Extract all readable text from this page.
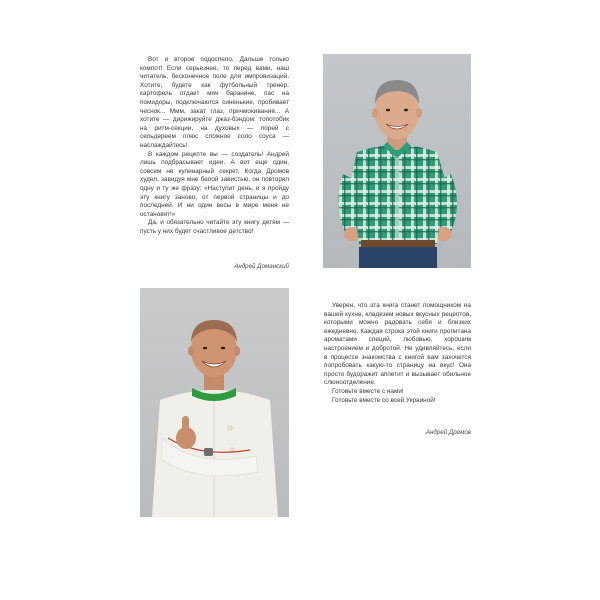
Вот и второе подоспело. Дальше только компот! Если серьезнее, то перед вами, наш читатель, бесконечное поле для импровизаций. Хотите, будете как футбольный тренер: картофель отдает мяч баранине, пас на помидоры, подключаются синенькие, пробивает чеснок... Ммм, закат глаз, причмокивание... А хотите — дирижируйте джаз-бэндом: топотобик на ритм-секции, на духовых — порей с сельдереем плюс сложное соло соуса — наслаждайтесь!

В каждом рецепте вы — создатель! Андрей лишь подбрасывает идеи. А вот еще один, совсем не кулинарный секрет. Когда Дромов худел, завидуя мне белой завистью, он повторял одну и ту же фразу: «Наступит день, и я пройду эту книгу заново, от первой страницы и до последней. И ни один весы в мире меня не остановят!»

Да, и обязательно читайте эту книгу детям — пусть у них будет счастливое детство!

Андрей Доманский

Уверен, что эта книга станет помощником на вашей кухне, кладезем новых вкусных рецептов, которыми можно радовать себя и близких ежедневно. Каждая строка этой книги пропитана ароматами специй, любовью, хорошим настроением и добротой. Не удивляйтесь, если в процессе знакомства с книгой вам захочется попробовать какую-то страницу на вкус! Она просто будоражит аппетит и вызывает обильное слюноотделение.

Готовьте вместе с нами!

Готовьте вместе со всей Украиной!

Андрей Дромов
